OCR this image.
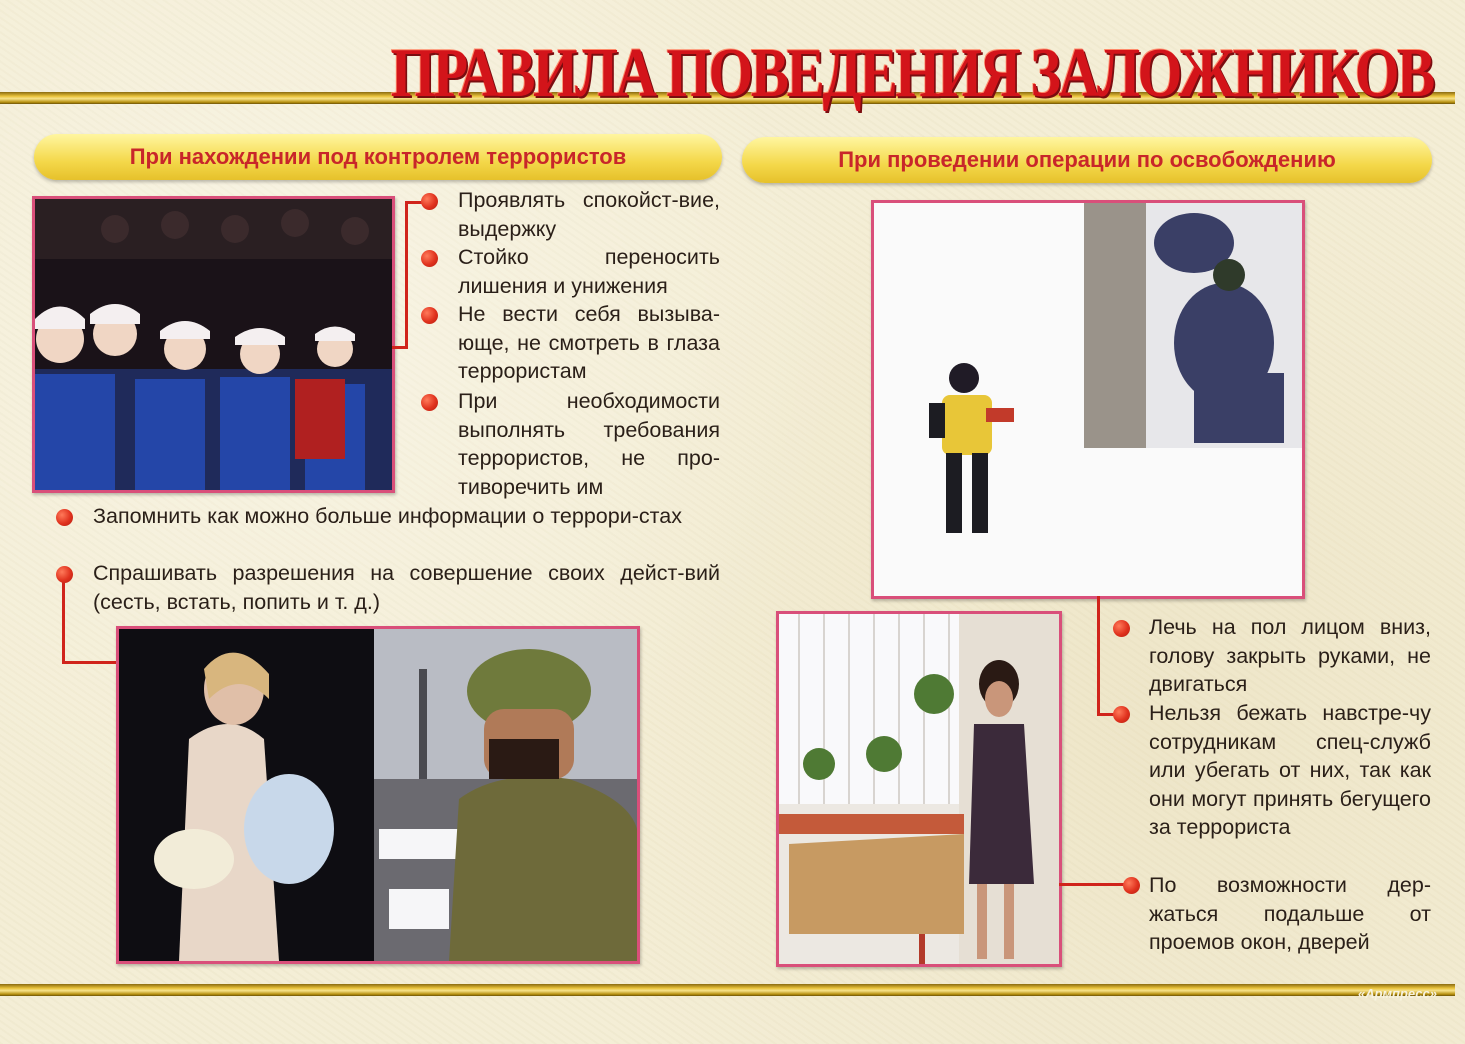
ПРАВИЛА ПОВЕДЕНИЯ ЗАЛОЖНИКОВ
При нахождении под контролем террористов	При проведении операции по освобождению
Проявлять спокойст-вие, выдержку
Стойко переносить лишения и унижения
Не вести себя вызыва-юще, не смотреть в глаза террористам
При необходимости выполнять требования террористов, не про-тиворечить им
Запомнить как можно больше информации о террори-стах
Спрашивать разрешения на совершение своих дейст-вий (сесть, встать, попить и т. д.)
Лечь на пол лицом вниз, голову закрыть руками, не двигаться
Нельзя бежать навстре-чу сотрудникам спец-служб или убегать от них, так как они могут принять бегущего за террориста
По возможности дер-жаться подальше от проемов окон, дверей
«Армпресс»
